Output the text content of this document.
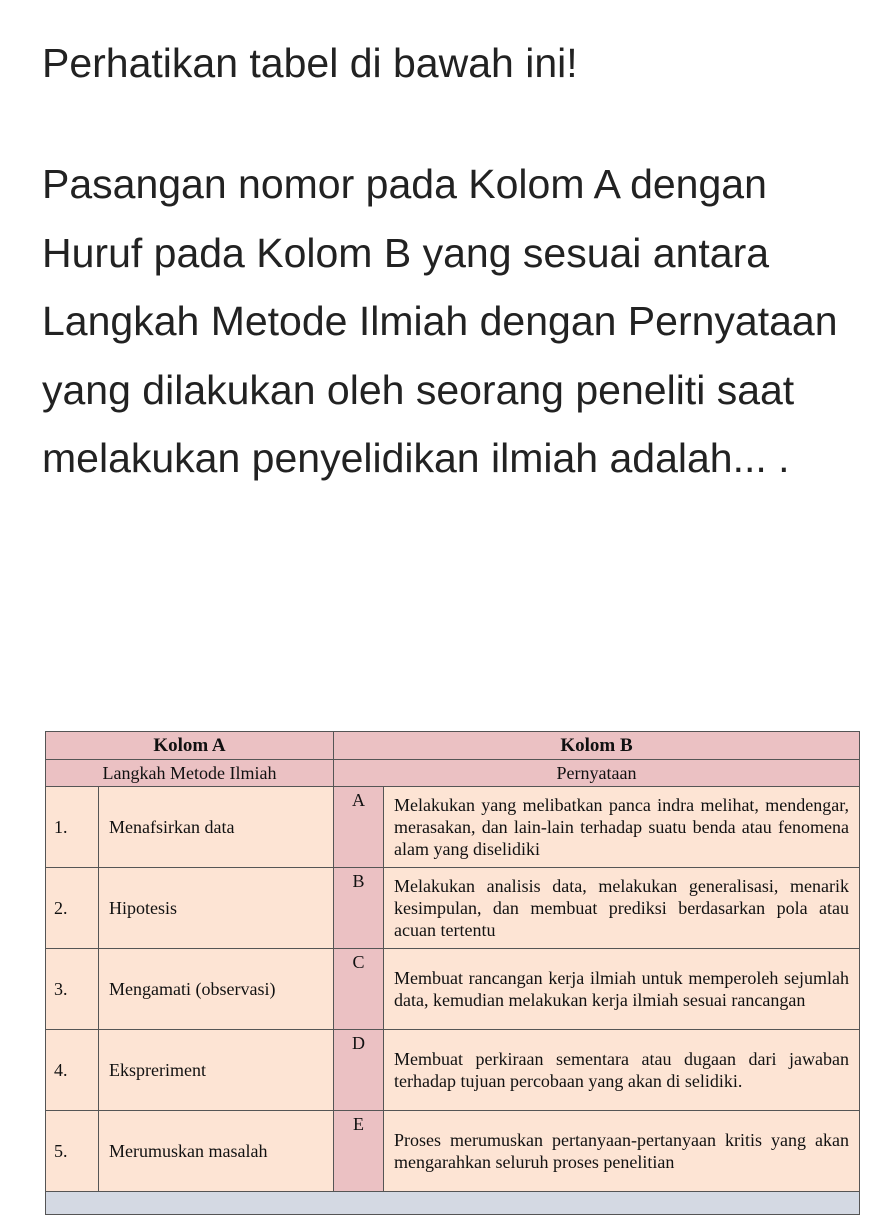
Perhatikan tabel di bawah ini!

Pasangan nomor pada Kolom A dengan Huruf pada Kolom B yang sesuai antara Langkah Metode Ilmiah dengan Pernyataan yang dilakukan oleh seorang peneliti saat melakukan penyelidikan ilmiah adalah... .

Kolom A		Kolom B	
Langkah Metode Ilmiah		Pernyataan	
1.	Menafsirkan data	A	Melakukan yang melibatkan panca indra melihat, mendengar, merasakan, dan lain-lain terhadap suatu benda atau fenomena alam yang diselidiki
2.	Hipotesis	B	Melakukan analisis data, melakukan generalisasi, menarik kesimpulan, dan membuat prediksi berdasarkan pola atau acuan tertentu
3.	Mengamati (observasi)	C	Membuat rancangan kerja ilmiah untuk memperoleh sejumlah data, kemudian melakukan kerja ilmiah sesuai rancangan
4.	Ekspreriment	D	Membuat perkiraan sementara atau dugaan dari jawaban terhadap tujuan percobaan yang akan di selidiki.
5.	Merumuskan masalah	E	Proses merumuskan pertanyaan-pertanyaan kritis yang akan mengarahkan seluruh proses penelitian
